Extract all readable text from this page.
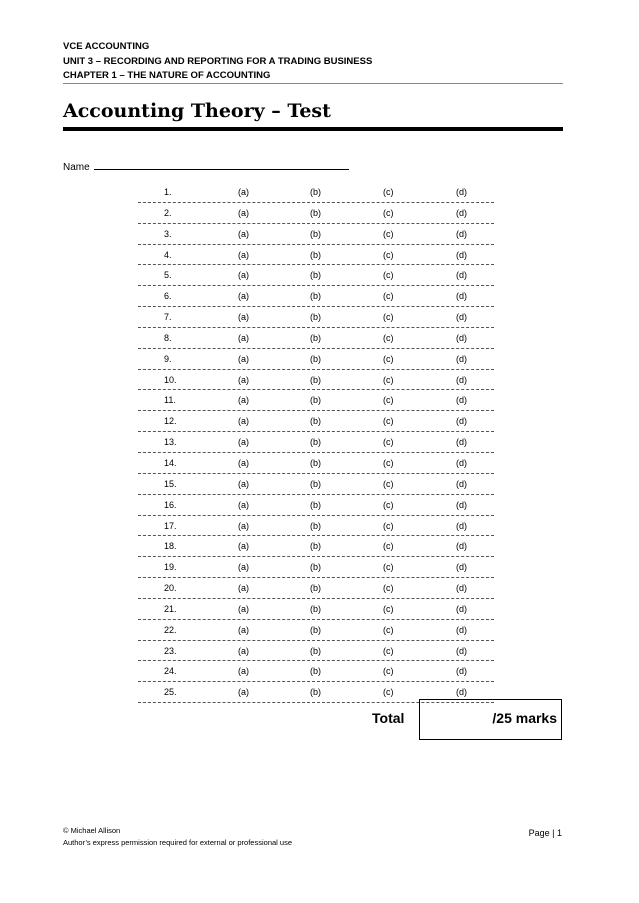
VCE ACCOUNTING
UNIT 3 – RECORDING AND REPORTING FOR A TRADING BUSINESS
CHAPTER 1 – THE NATURE OF ACCOUNTING
Accounting Theory – Test
Name
1.	(a)	(b)	(c)	(d)
2.	(a)	(b)	(c)	(d)
3.	(a)	(b)	(c)	(d)
4.	(a)	(b)	(c)	(d)
5.	(a)	(b)	(c)	(d)
6.	(a)	(b)	(c)	(d)
7.	(a)	(b)	(c)	(d)
8.	(a)	(b)	(c)	(d)
9.	(a)	(b)	(c)	(d)
10.	(a)	(b)	(c)	(d)
11.	(a)	(b)	(c)	(d)
12.	(a)	(b)	(c)	(d)
13.	(a)	(b)	(c)	(d)
14.	(a)	(b)	(c)	(d)
15.	(a)	(b)	(c)	(d)
16.	(a)	(b)	(c)	(d)
17.	(a)	(b)	(c)	(d)
18.	(a)	(b)	(c)	(d)
19.	(a)	(b)	(c)	(d)
20.	(a)	(b)	(c)	(d)
21.	(a)	(b)	(c)	(d)
22.	(a)	(b)	(c)	(d)
23.	(a)	(b)	(c)	(d)
24.	(a)	(b)	(c)	(d)
25.	(a)	(b)	(c)	(d)
Total	/25 marks
© Michael Allison
Author’s express permission required for external or professional use
Page | 1
